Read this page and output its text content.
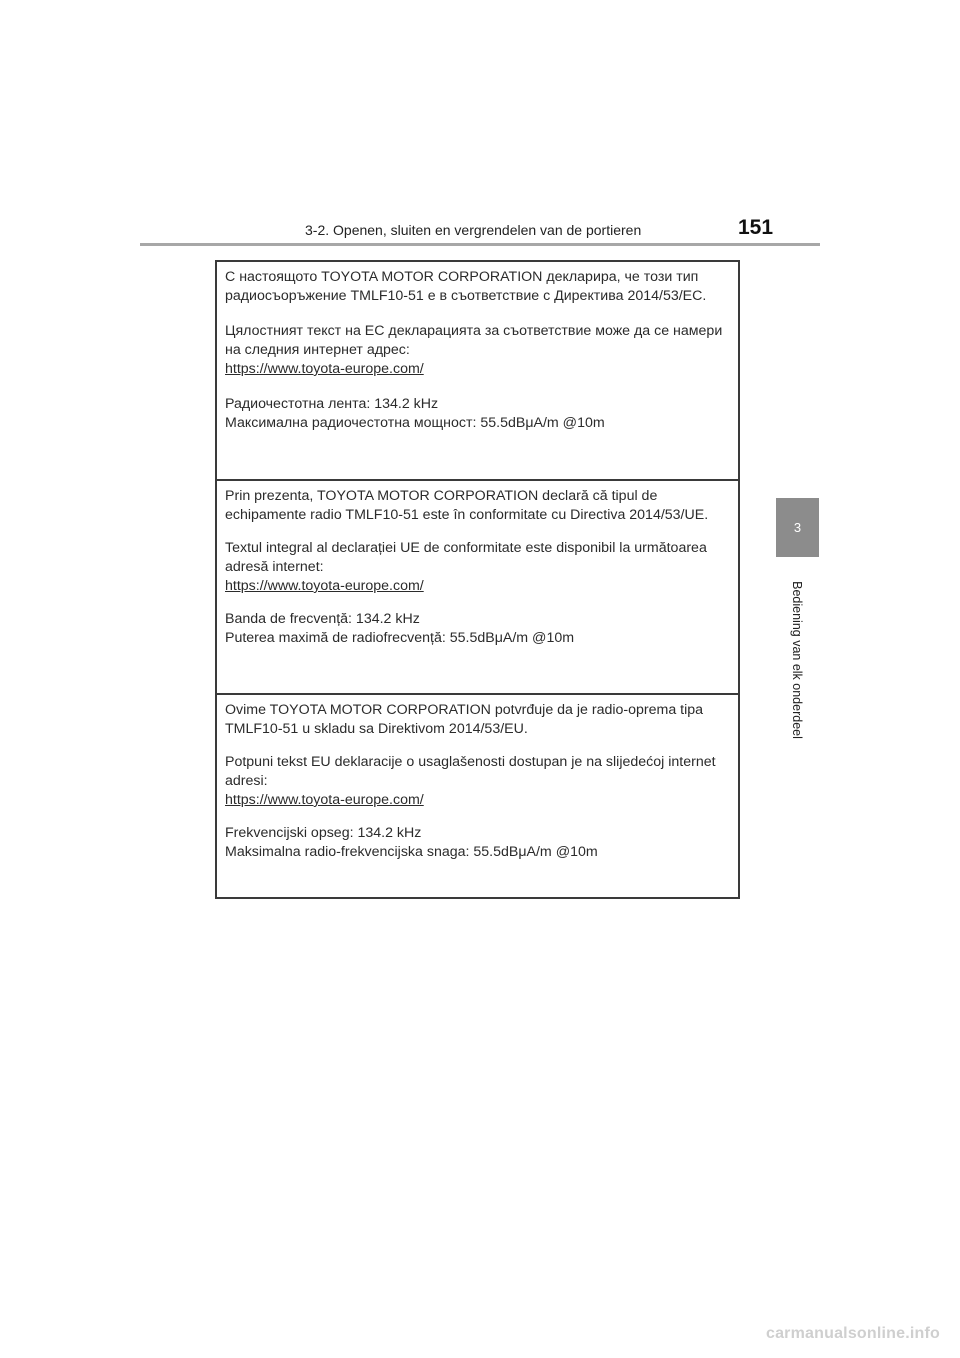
3-2. Openen, sluiten en vergrendelen van de portieren	151
3
Bediening van elk onderdeel

С настоящото TOYOTA MOTOR CORPORATION декларира, че този тип радиосъоръжение TMLF10-51 е в съответствие с Директива 2014/53/ЕС.

Цялостният текст на ЕС декларацията за съответствие може да се намери на следния интернет адрес:
https://www.toyota-europe.com/

Радиочестотна лента: 134.2 kHz
Максимална радиочестотна мощност: 55.5dBμA/m @10m

Prin prezenta, TOYOTA MOTOR CORPORATION declară că tipul de echipamente radio TMLF10-51 este în conformitate cu Directiva 2014/53/UE.

Textul integral al declarației UE de conformitate este disponibil la următoarea adresă internet:
https://www.toyota-europe.com/

Banda de frecvență: 134.2 kHz
Puterea maximă de radiofrecvență: 55.5dBμA/m @10m

Ovime TOYOTA MOTOR CORPORATION potvrđuje da je radio-oprema tipa TMLF10-51 u skladu sa Direktivom 2014/53/EU.

Potpuni tekst EU deklaracije o usaglašenosti dostupan je na slijedećoj internet adresi:
https://www.toyota-europe.com/

Frekvencijski opseg: 134.2 kHz
Maksimalna radio-frekvencijska snaga: 55.5dBμA/m @10m

carmanualsonline.info
